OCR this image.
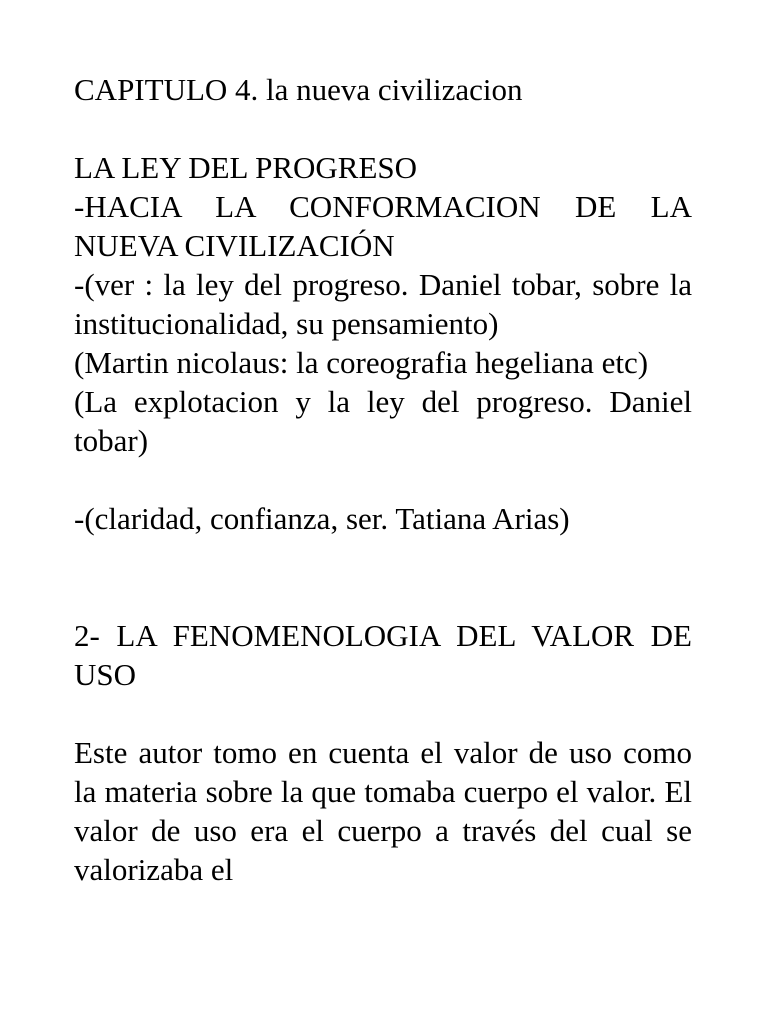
CAPITULO 4. la nueva civilizacion

LA LEY DEL PROGRESO

-HACIA LA CONFORMACION DE LA NUEVA CIVILIZACIÓN

-(ver : la ley del progreso. Daniel tobar, sobre la institucionalidad, su pensamiento)

(Martin nicolaus: la coreografia hegeliana etc)

(La explotacion y la ley del progreso. Daniel tobar)

-(claridad, confianza, ser. Tatiana Arias)

2- LA FENOMENOLOGIA DEL VALOR DE USO

Este autor tomo en cuenta el valor de uso como la materia sobre la que tomaba cuerpo el valor. El valor de uso era el cuerpo a través del cual se valorizaba el
